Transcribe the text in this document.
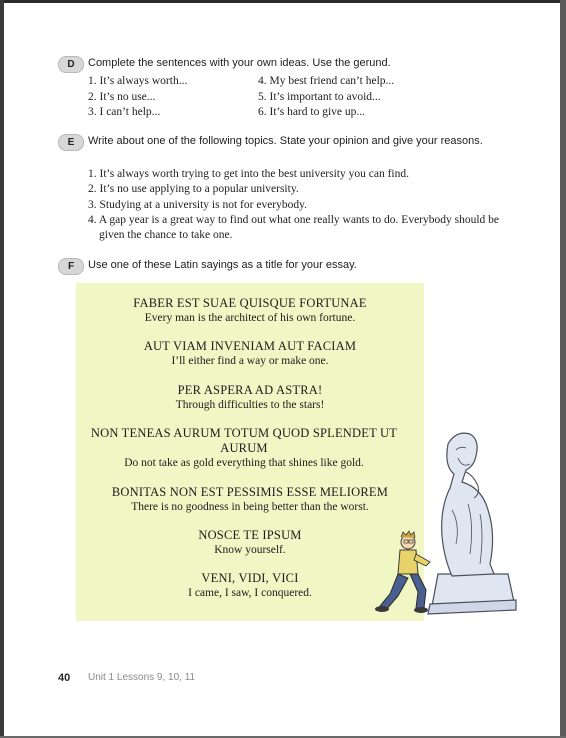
D	Complete the sentences with your own ideas. Use the gerund.
1. It’s always worth...
2. It’s no use...
3. I can’t help...
4. My best friend can’t help...
5. It’s important to avoid...
6. It’s hard to give up...
E	Write about one of the following topics. State your opinion and give your reasons.
1. It’s always worth trying to get into the best university you can find.
2. It’s no use applying to a popular university.
3. Studying at a university is not for everybody.
4. A gap year is a great way to find out what one really wants to do. Everybody should be given the chance to take one.
F	Use one of these Latin sayings as a title for your essay.
FABER EST SUAE QUISQUE FORTUNAE
Every man is the architect of his own fortune.
AUT VIAM INVENIAM AUT FACIAM
I’ll either find a way or make one.
PER ASPERA AD ASTRA!
Through difficulties to the stars!
NON TENEAS AURUM TOTUM QUOD SPLENDET UT AURUM
Do not take as gold everything that shines like gold.
BONITAS NON EST PESSIMIS ESSE MELIOREM
There is no goodness in being better than the worst.
NOSCE TE IPSUM
Know yourself.
VENI, VIDI, VICI
I came, I saw, I conquered.
40 Unit 1 Lessons 9, 10, 11
